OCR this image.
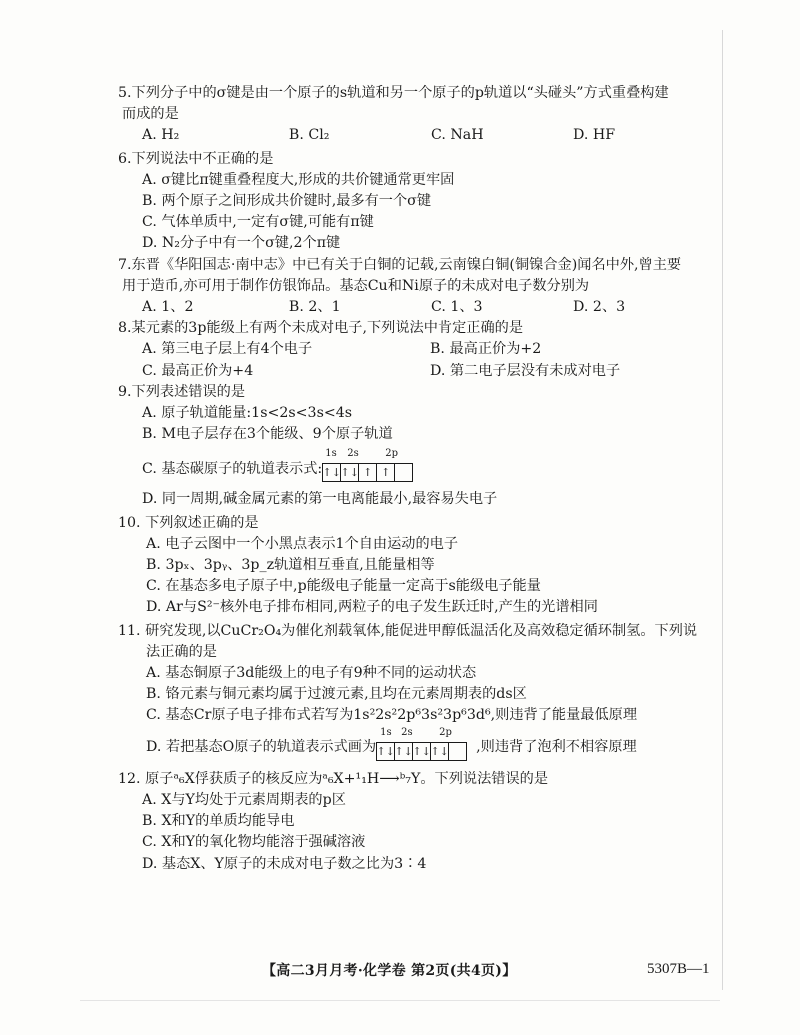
5.下列分子中的σ键是由一个原子的s轨道和另一个原子的p轨道以“头碰头”方式重叠构建
而成的是
A. H₂	B. Cl₂	C. NaH	D. HF
6.下列说法中不正确的是
A. σ键比π键重叠程度大,形成的共价键通常更牢固
B. 两个原子之间形成共价键时,最多有一个σ键
C. 气体单质中,一定有σ键,可能有π键
D. N₂分子中有一个σ键,2个π键
7.东晋《华阳国志·南中志》中已有关于白铜的记载,云南镍白铜(铜镍合金)闻名中外,曾主要
用于造币,亦可用于制作仿银饰品。基态Cu和Ni原子的未成对电子数分别为
A. 1、2	B. 2、1	C. 1、3	D. 2、3
8.某元素的3p能级上有两个未成对电子,下列说法中肯定正确的是
A. 第三电子层上有4个电子	B. 最高正价为+2
C. 最高正价为+4	D. 第二电子层没有未成对电子
9.下列表述错误的是
A. 原子轨道能量:1s<2s<3s<4s
B. M电子层存在3个能级、9个原子轨道
C. 基态碳原子的轨道表示式:
1s 2s	2p
↑↓ ↑↓ ↑ ↑
D. 同一周期,碱金属元素的第一电离能最小,最容易失电子
10. 下列叙述正确的是
A. 电子云图中一个小黑点表示1个自由运动的电子
B. 3pₓ、3pᵧ、3p_z轨道相互垂直,且能量相等
C. 在基态多电子原子中,p能级电子能量一定高于s能级电子能量
D. Ar与S²⁻核外电子排布相同,两粒子的电子发生跃迁时,产生的光谱相同
11. 研究发现,以CuCr₂O₄为催化剂载氧体,能促进甲醇低温活化及高效稳定循环制氢。下列说
法正确的是
A. 基态铜原子3d能级上的电子有9种不同的运动状态
B. 铬元素与铜元素均属于过渡元素,且均在元素周期表的ds区
C. 基态Cr原子电子排布式若写为1s²2s²2p⁶3s²3p⁶3d⁶,则违背了能量最低原理
D. 若把基态O原子的轨道表示式画为
1s 2s	2p
↑↓ ↑↓ ↑↓ ↑↓ ,则违背了泡利不相容原理
12. 原子ᵃ₆X俘获质子的核反应为ᵃ₆X+¹₁H⟶ᵇ₇Y。下列说法错误的是
A. X与Y均处于元素周期表的p区
B. X和Y的单质均能导电
C. X和Y的氧化物均能溶于强碱溶液
D. 基态X、Y原子的未成对电子数之比为3∶4
【高二3月月考·化学卷 第2页(共4页)】	5307B—1
